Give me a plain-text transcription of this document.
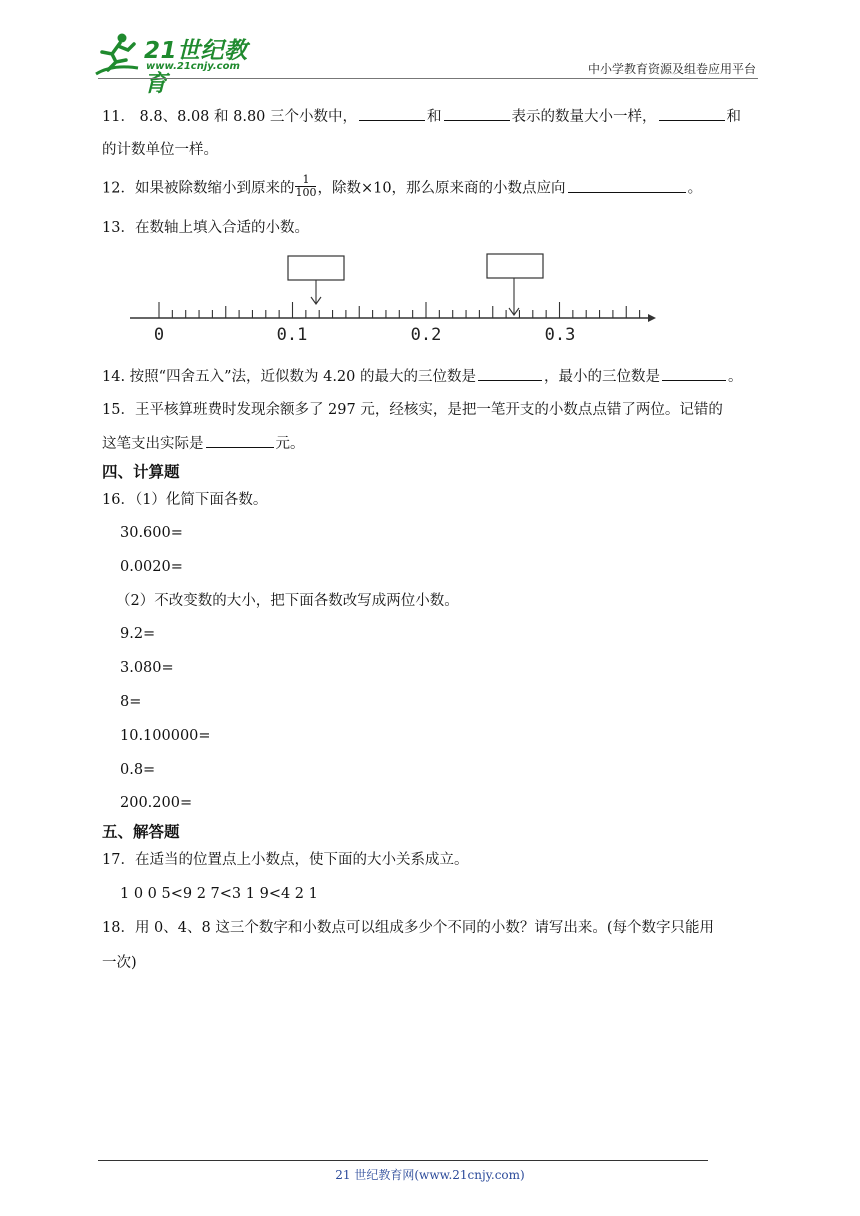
21世纪教育
www.21cnjy.com	中小学教育资源及组卷应用平台
11． 8.8、8.08 和 8.80 三个小数中，	和	表示的数量大小一样，	和
的计数单位一样。
12．如果被除数缩小到原来的 $\frac{1}{100}$ ，除数×10，那么原来商的小数点应向	。
13．在数轴上填入合适的小数。
0	0.1	0.2	0.3
14. 按照“四舍五入”法，近似数为 4.20 的最大的三位数是	，最小的三位数是	。
15．王平核算班费时发现余额多了 297 元，经核实，是把一笔开支的小数点点错了两位。记错的
这笔支出实际是	元。
四、计算题
16．（1）化简下面各数。
30.600=
0.0020=
（2）不改变数的大小，把下面各数改写成两位小数。
9.2=
3.080=
8=
10.100000=
0.8=
200.200=
五、解答题
17．在适当的位置点上小数点，使下面的大小关系成立。
1 0 0 5<9 2 7<3 1 9<4 2 1
18．用 0、4、8 这三个数字和小数点可以组成多少个不同的小数？请写出来。(每个数字只能用
一次)
21 世纪教育网(www.21cnjy.com)
